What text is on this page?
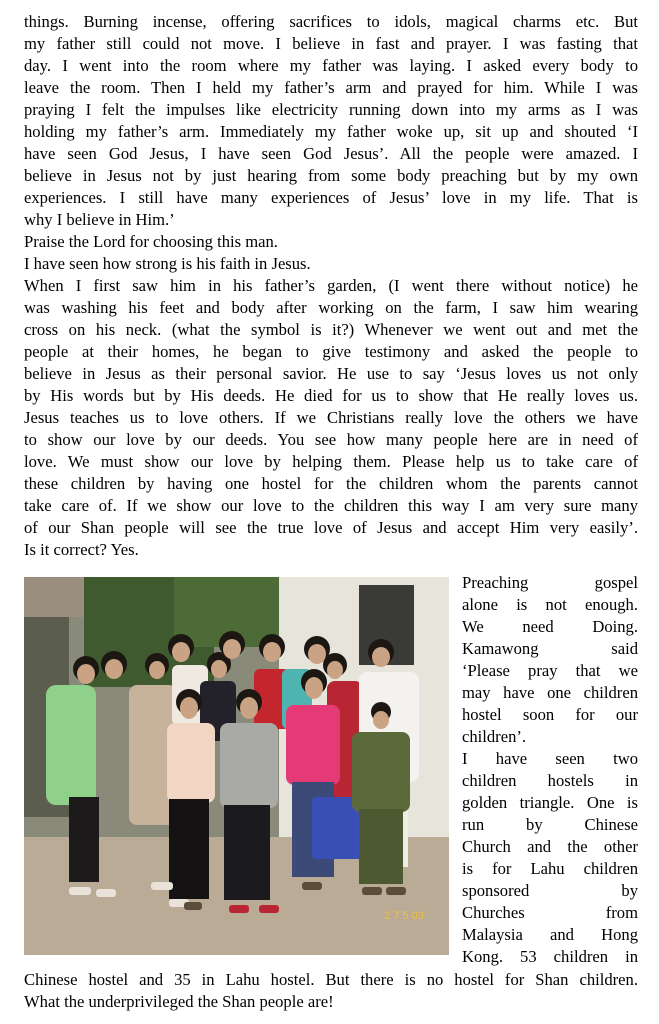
things. Burning incense, offering sacrifices to idols, magical charms etc. But
my father still could not move. I believe in fast and prayer. I was fasting that
day. I went into the room where my father was laying. I asked every body to
leave the room. Then I held my father’s arm and prayed for him. While I was
praying I felt the impulses like electricity running down into my arms as I was
holding my father’s arm. Immediately my father woke up, sit up and shouted ‘I
have seen God Jesus, I have seen God Jesus’. All the people were amazed. I
believe in Jesus not by just hearing from some body preaching but by my own
experiences. I still have many experiences of Jesus’ love in my life. That is
why I believe in Him.’
Praise the Lord for choosing this man.
I have seen how strong is his faith in Jesus.
When I first saw him in his father’s garden, (I went there without notice) he
was washing his feet and body after working on the farm, I saw him wearing
cross on his neck. (what the symbol is it?) Whenever we went out and met the
people at their homes, he began to give testimony and asked the people to
believe in Jesus as their personal savior. He use to say ‘Jesus loves us not only
by His words but by His deeds. He died for us to show that He really loves us.
Jesus teaches us to love others. If we Christians really love the others we have
to show our love by our deeds. You see how many people here are in need of
love. We must show our love by helping them. Please help us to take care of
these children by having one hostel for the children whom the parents cannot
take care of. If we show our love to the children this way I am very sure many
of our Shan people will see the true love of Jesus and accept Him very easily’.
Is it correct? Yes.
2 7 5 03
Preaching gospel
alone is not enough.
We need Doing.
Kamawong said
‘Please pray that we
may have one children
hostel soon for our
children’.
I have seen two
children hostels in
golden triangle. One is
run by Chinese
Church and the other
is for Lahu children
sponsored by
Churches from
Malaysia and Hong
Kong. 53 children in
Chinese hostel and 35 in Lahu hostel. But there is no hostel for Shan children.
What the underprivileged the Shan people are!
